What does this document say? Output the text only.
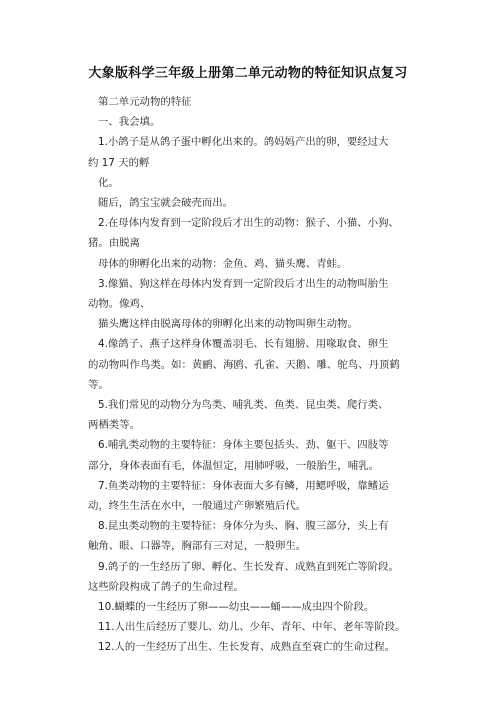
大象版科学三年级上册第二单元动物的特征知识点复习
第二单元动物的特征
一、我会填。
1.小鸽子是从鸽子蛋中孵化出来的。鸽妈妈产出的卵，要经过大
约 17 天的孵
化。
随后，鸽宝宝就会破壳而出。
2.在母体内发育到一定阶段后才出生的动物：猴子、小猫、小狗、
猪。由脱离
母体的卵孵化出来的动物：金鱼、鸡、猫头鹰、青蛙。
3.像猫、狗这样在母体内发育到一定阶段后才出生的动物叫胎生
动物。像鸡、
猫头鹰这样由脱离母体的卵孵化出来的动物叫卵生动物。
4.像鸽子、燕子这样身体覆盖羽毛、长有翅膀、用喙取食、卵生
的动物叫作鸟类。如：黄鹂、海鸥、孔雀、天鹅、雕、鸵鸟、丹顶鹤
等。
5.我们常见的动物分为鸟类、哺乳类、鱼类、昆虫类、爬行类、
两栖类等。
6.哺乳类动物的主要特征：身体主要包括头、劲、躯干、四肢等
部分，身体表面有毛，体温恒定，用肺呼吸，一般胎生，哺乳。
7.鱼类动物的主要特征：身体表面大多有鳞，用鳃呼吸，靠鳍运
动，终生生活在水中，一般通过产卵繁殖后代。
8.昆虫类动物的主要特征：身体分为头、胸、腹三部分，头上有
触角、眼、口器等，胸部有三对足，一般卵生。
9.鸽子的一生经历了卵、孵化、生长发育、成熟直到死亡等阶段。
这些阶段构成了鸽子的生命过程。
10.蝴蝶的一生经历了卵——幼虫——蛹——成虫四个阶段。
11.人出生后经历了婴儿、幼儿、少年、青年、中年、老年等阶段。
12.人的一生经历了出生、生长发育、成熟直至衰亡的生命过程。
